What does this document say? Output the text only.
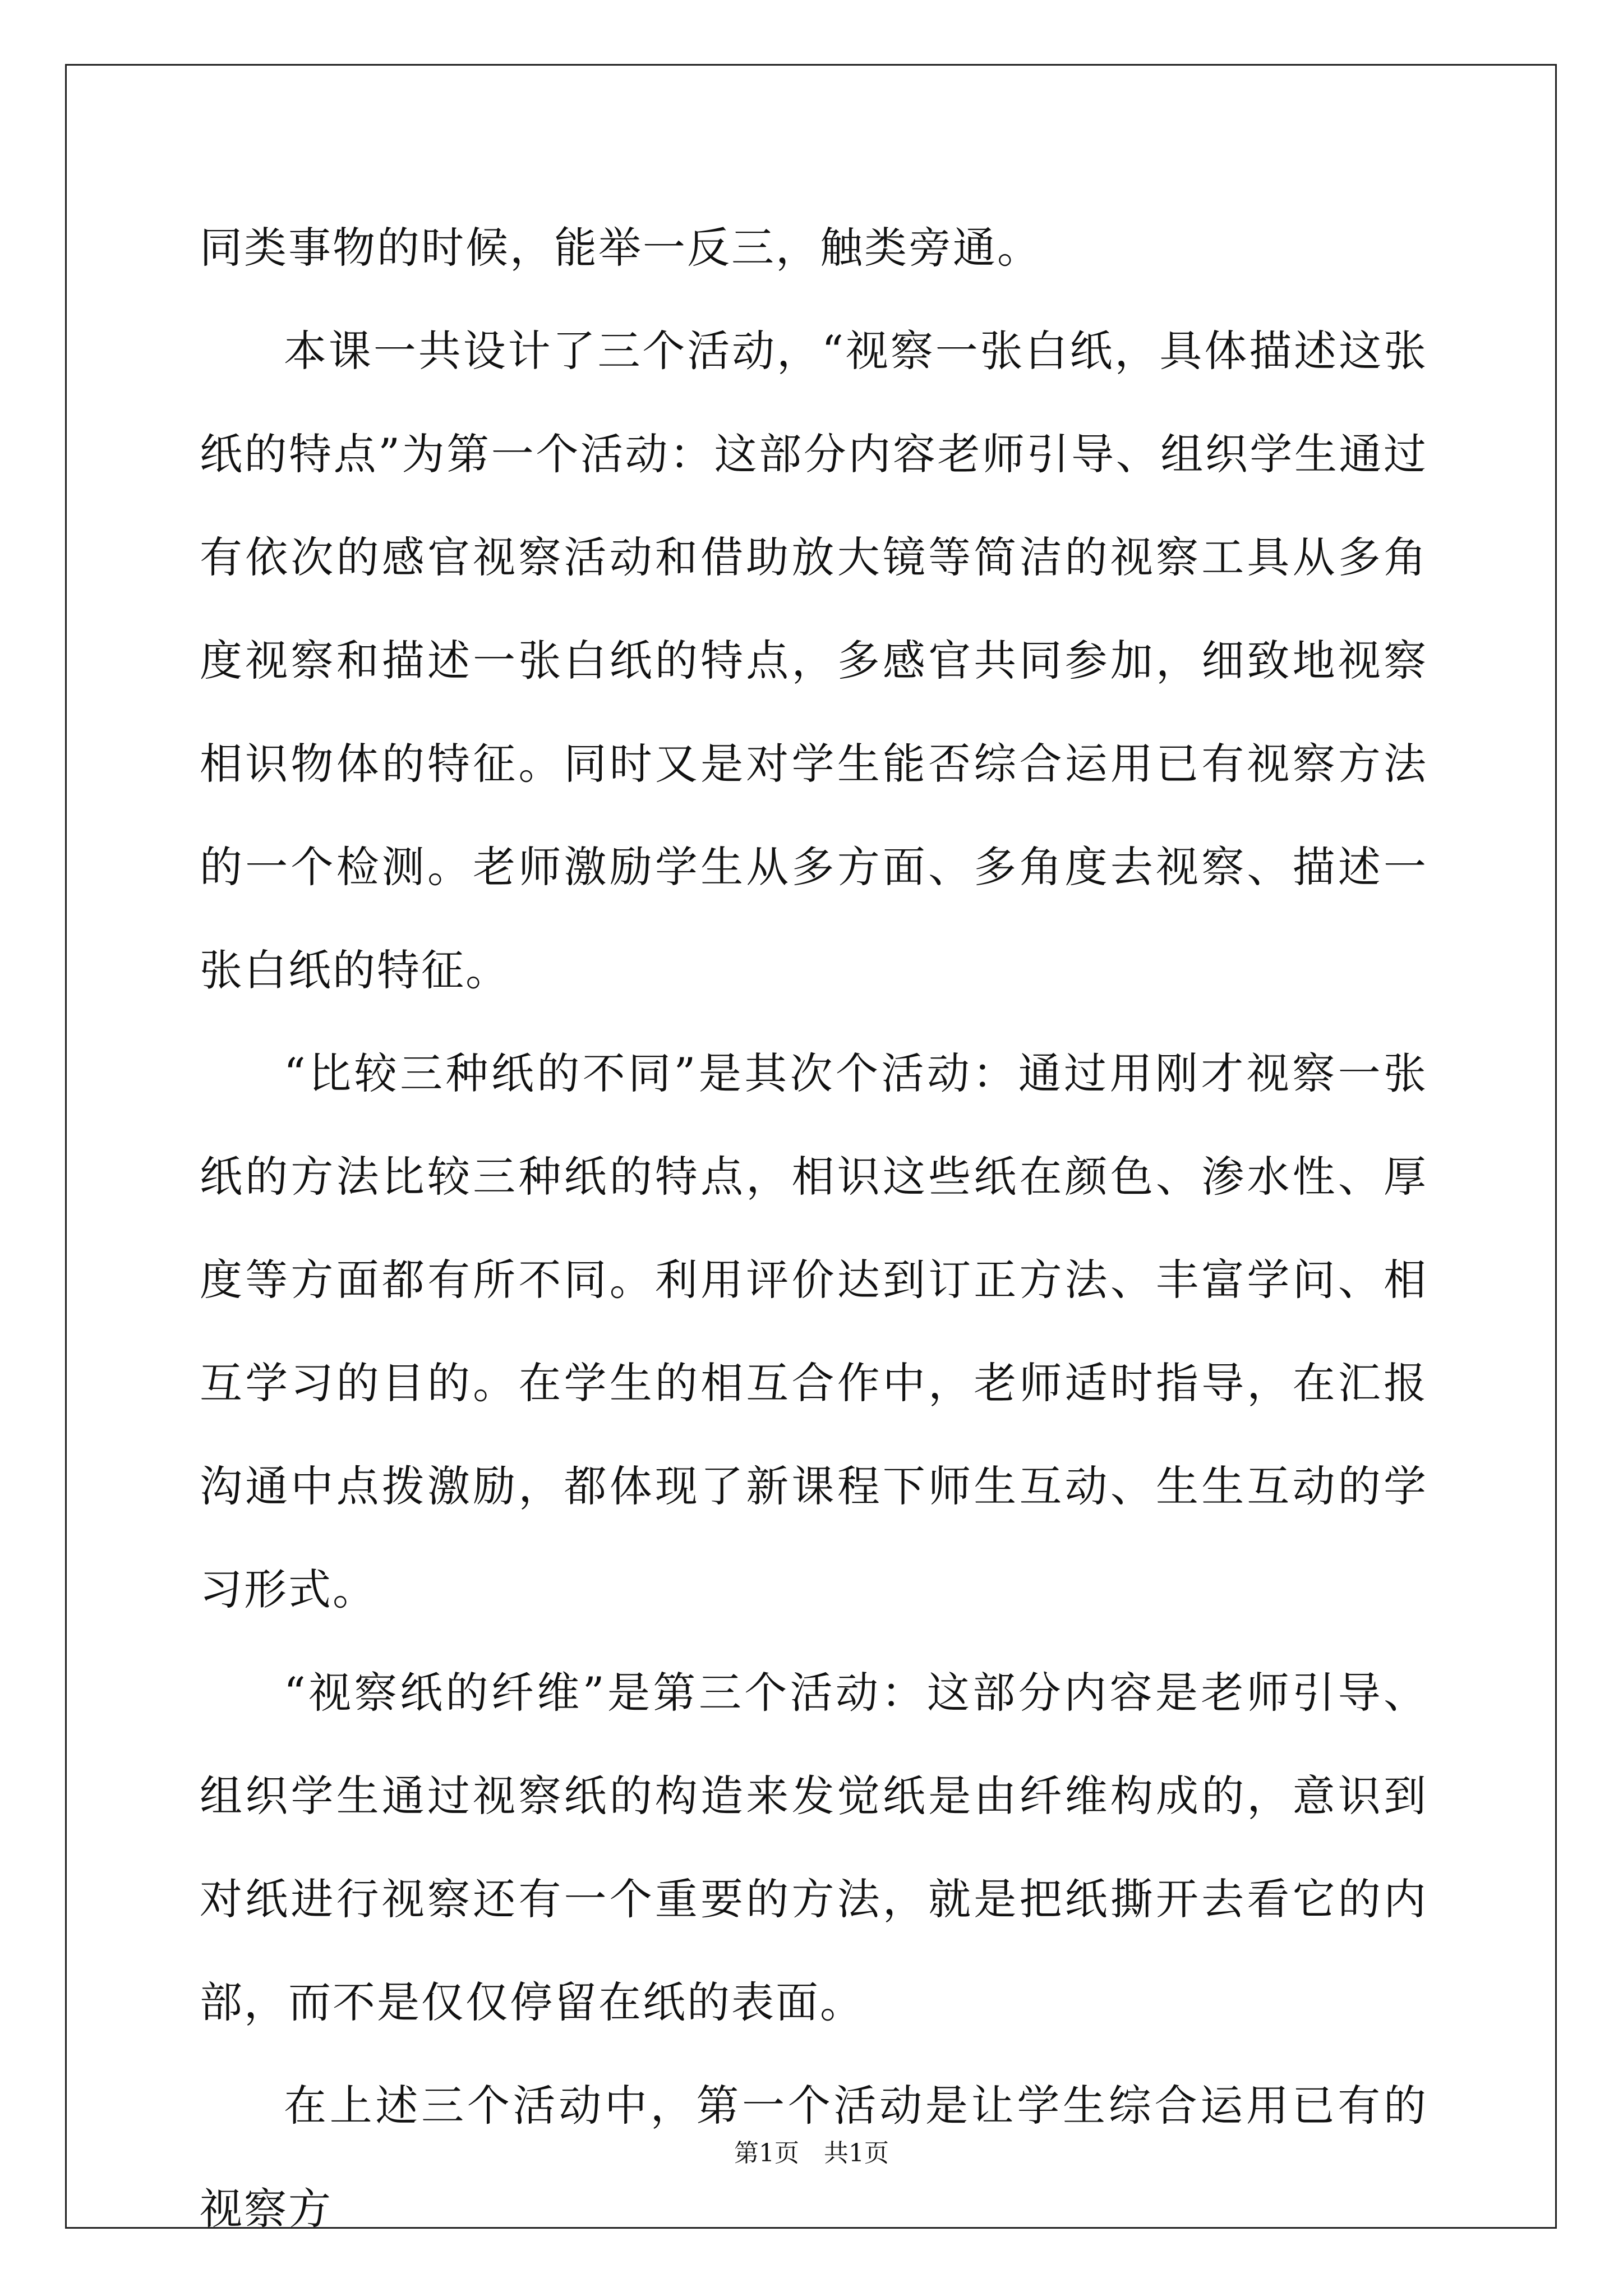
同类事物的时候，能举一反三，触类旁通。

本课一共设计了三个活动，“视察一张白纸，具体描述这张纸的特点”为第一个活动：这部分内容老师引导、组织学生通过有依次的感官视察活动和借助放大镜等简洁的视察工具从多角度视察和描述一张白纸的特点，多感官共同参加，细致地视察相识物体的特征。同时又是对学生能否综合运用已有视察方法的一个检测。老师激励学生从多方面、多角度去视察、描述一张白纸的特征。

“比较三种纸的不同”是其次个活动：通过用刚才视察一张纸的方法比较三种纸的特点，相识这些纸在颜色、渗水性、厚度等方面都有所不同。利用评价达到订正方法、丰富学问、相互学习的目的。在学生的相互合作中，老师适时指导，在汇报沟通中点拨激励，都体现了新课程下师生互动、生生互动的学习形式。

“视察纸的纤维”是第三个活动：这部分内容是老师引导、组织学生通过视察纸的构造来发觉纸是由纤维构成的，意识到对纸进行视察还有一个重要的方法，就是把纸撕开去看它的内部，而不是仅仅停留在纸的表面。

在上述三个活动中，第一个活动是让学生综合运用已有的视察方

第1页 共1页
